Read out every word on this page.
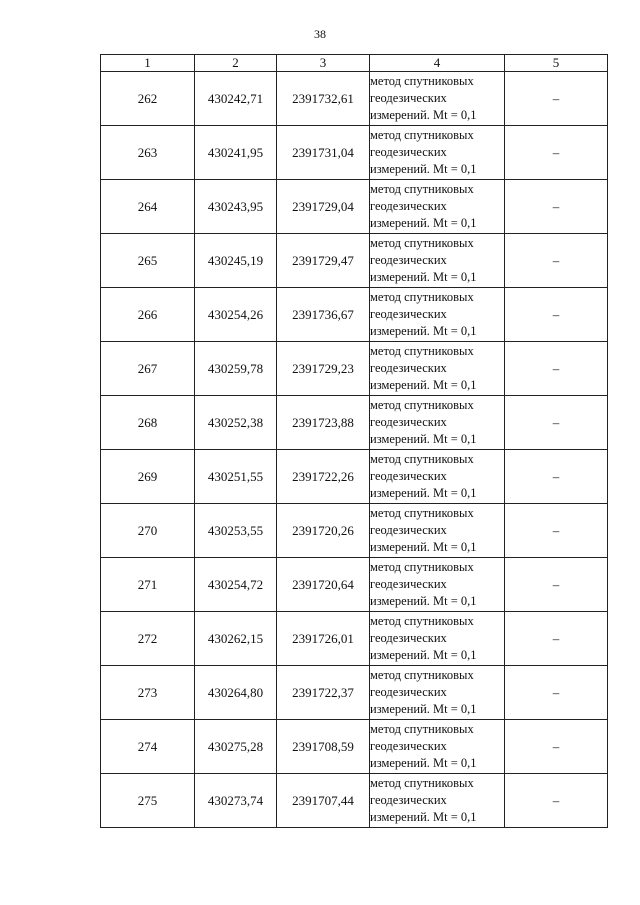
38
1	2	3	4	5
262	430242,71	2391732,61	метод спутниковых
геодезических
измерений. Mt = 0,1	–
263	430241,95	2391731,04	метод спутниковых
геодезических
измерений. Mt = 0,1	–
264	430243,95	2391729,04	метод спутниковых
геодезических
измерений. Mt = 0,1	–
265	430245,19	2391729,47	метод спутниковых
геодезических
измерений. Mt = 0,1	–
266	430254,26	2391736,67	метод спутниковых
геодезических
измерений. Mt = 0,1	–
267	430259,78	2391729,23	метод спутниковых
геодезических
измерений. Mt = 0,1	–
268	430252,38	2391723,88	метод спутниковых
геодезических
измерений. Mt = 0,1	–
269	430251,55	2391722,26	метод спутниковых
геодезических
измерений. Mt = 0,1	–
270	430253,55	2391720,26	метод спутниковых
геодезических
измерений. Mt = 0,1	–
271	430254,72	2391720,64	метод спутниковых
геодезических
измерений. Mt = 0,1	–
272	430262,15	2391726,01	метод спутниковых
геодезических
измерений. Mt = 0,1	–
273	430264,80	2391722,37	метод спутниковых
геодезических
измерений. Mt = 0,1	–
274	430275,28	2391708,59	метод спутниковых
геодезических
измерений. Mt = 0,1	–
275	430273,74	2391707,44	метод спутниковых
геодезических
измерений. Mt = 0,1	–
